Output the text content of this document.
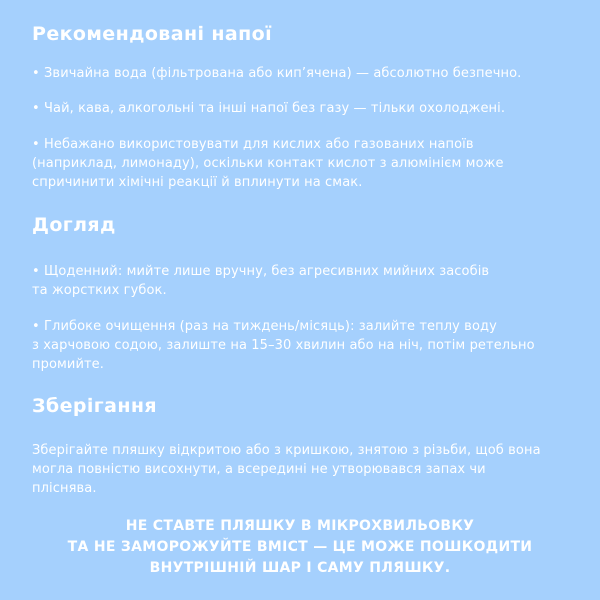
Рекомендовані напої

• Звичайна вода (фільтрована або кип’ячена) — абсолютно безпечно.

• Чай, кава, алкогольні та інші напої без газу — тільки охолоджені.

• Небажано використовувати для кислих або газованих напоїв
(наприклад, лимонаду), оскільки контакт кислот з алюмінієм може
спричинити хімічні реакції й вплинути на смак.

Догляд

• Щоденний: мийте лише вручну, без агресивних мийних засобів
та жорстких губок.

• Глибоке очищення (раз на тиждень/місяць): залийте теплу воду
з харчовою содою, залиште на 15–30 хвилин або на ніч, потім ретельно
промийте.

Зберігання

Зберігайте пляшку відкритою або з кришкою, знятою з різьби, щоб вона
могла повністю висохнути, а всередині не утворювався запах чи
пліснява.

НЕ СТАВТЕ ПЛЯШКУ В МІКРОХВИЛЬОВКУ
ТА НЕ ЗАМОРОЖУЙТЕ ВМІСТ — ЦЕ МОЖЕ ПОШКОДИТИ
ВНУТРІШНІЙ ШАР І САМУ ПЛЯШКУ.
